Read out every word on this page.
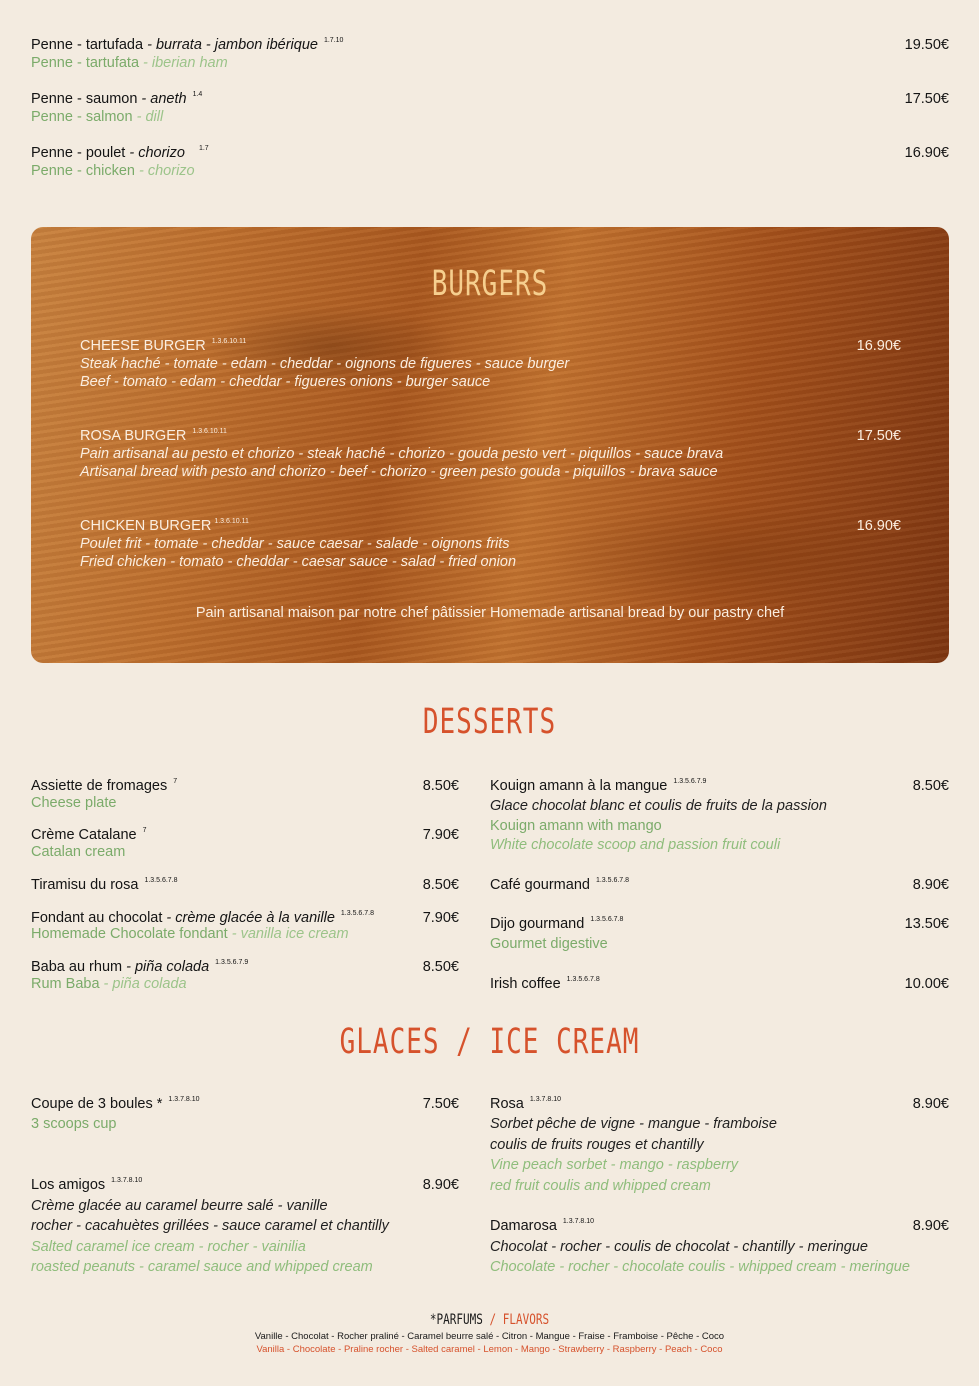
Penne - tartufada - burrata - jambon ibérique $^{1.7.10}$
Penne - tartufata - iberian ham
19.50€
Penne - saumon - aneth $^{1.4}$
Penne - salmon - dill
17.50€
Penne - poulet - chorizo $^{1.7}$
Penne - chicken - chorizo
16.90€
BURGERS
CHEESE BURGER $^{1.3.6.10.11}$	16.90€
Steak haché - tomate - edam - cheddar - oignons de figueres - sauce burger
Beef - tomato - edam - cheddar - figueres onions - burger sauce
ROSA BURGER $^{1.3.6.10.11}$	17.50€
Pain artisanal au pesto et chorizo - steak haché - chorizo - gouda pesto vert - piquillos - sauce brava
Artisanal bread with pesto and chorizo - beef - chorizo - green pesto gouda - piquillos - brava sauce
CHICKEN BURGER $^{1.3.6.10.11}$	16.90€
Poulet frit - tomate - cheddar - sauce caesar - salade - oignons frits
Fried chicken - tomato - cheddar - caesar sauce - salad - fried onion
Pain artisanal maison par notre chef pâtissier Homemade artisanal bread by our pastry chef
DESSERTS
Assiette de fromages $^7$
Cheese plate
8.50€
Crème Catalane $^7$
Catalan cream
7.90€
Tiramisu du rosa $^{1.3.5.6.7.8}$	8.50€
Fondant au chocolat - crème glacée à la vanille $^{1.3.5.6.7.8}$
Homemade Chocolate fondant - vanilla ice cream
7.90€
Baba au rhum - piña colada $^{1.3.5.6.7.9}$
Rum Baba - piña colada
8.50€
Kouign amann à la mangue $^{1.3.5.6.7.9}$
Glace chocolat blanc et coulis de fruits de la passion
Kouign amann with mango
White chocolate scoop and passion fruit couli
8.50€
Café gourmand $^{1.3.5.6.7.8}$	8.90€
Dijo gourmand $^{1.3.5.6.7.8}$
Gourmet digestive
13.50€
Irish coffee $^{1.3.5.6.7.8}$	10.00€
GLACES / ICE CREAM
Coupe de 3 boules * $^{1.3.7.8.10}$
3 scoops cup
7.50€
Los amigos $^{1.3.7.8.10}$	8.90€
Crème glacée au caramel beurre salé - vanille
rocher - cacahuètes grillées - sauce caramel et chantilly
Salted caramel ice cream - rocher - vainilia
roasted peanuts - caramel sauce and whipped cream
Rosa $^{1.3.7.8.10}$	8.90€
Sorbet pêche de vigne - mangue - framboise
coulis de fruits rouges et chantilly
Vine peach sorbet - mango - raspberry
red fruit coulis and whipped cream
Damarosa $^{1.3.7.8.10}$	8.90€
Chocolat - rocher - coulis de chocolat - chantilly - meringue
Chocolate - rocher - chocolate coulis - whipped cream - meringue
*PARFUMS / FLAVORS
Vanille - Chocolat - Rocher praliné - Caramel beurre salé - Citron - Mangue - Fraise - Framboise - Pêche - Coco
Vanilla - Chocolate - Praline rocher - Salted caramel - Lemon - Mango - Strawberry - Raspberry - Peach - Coco
